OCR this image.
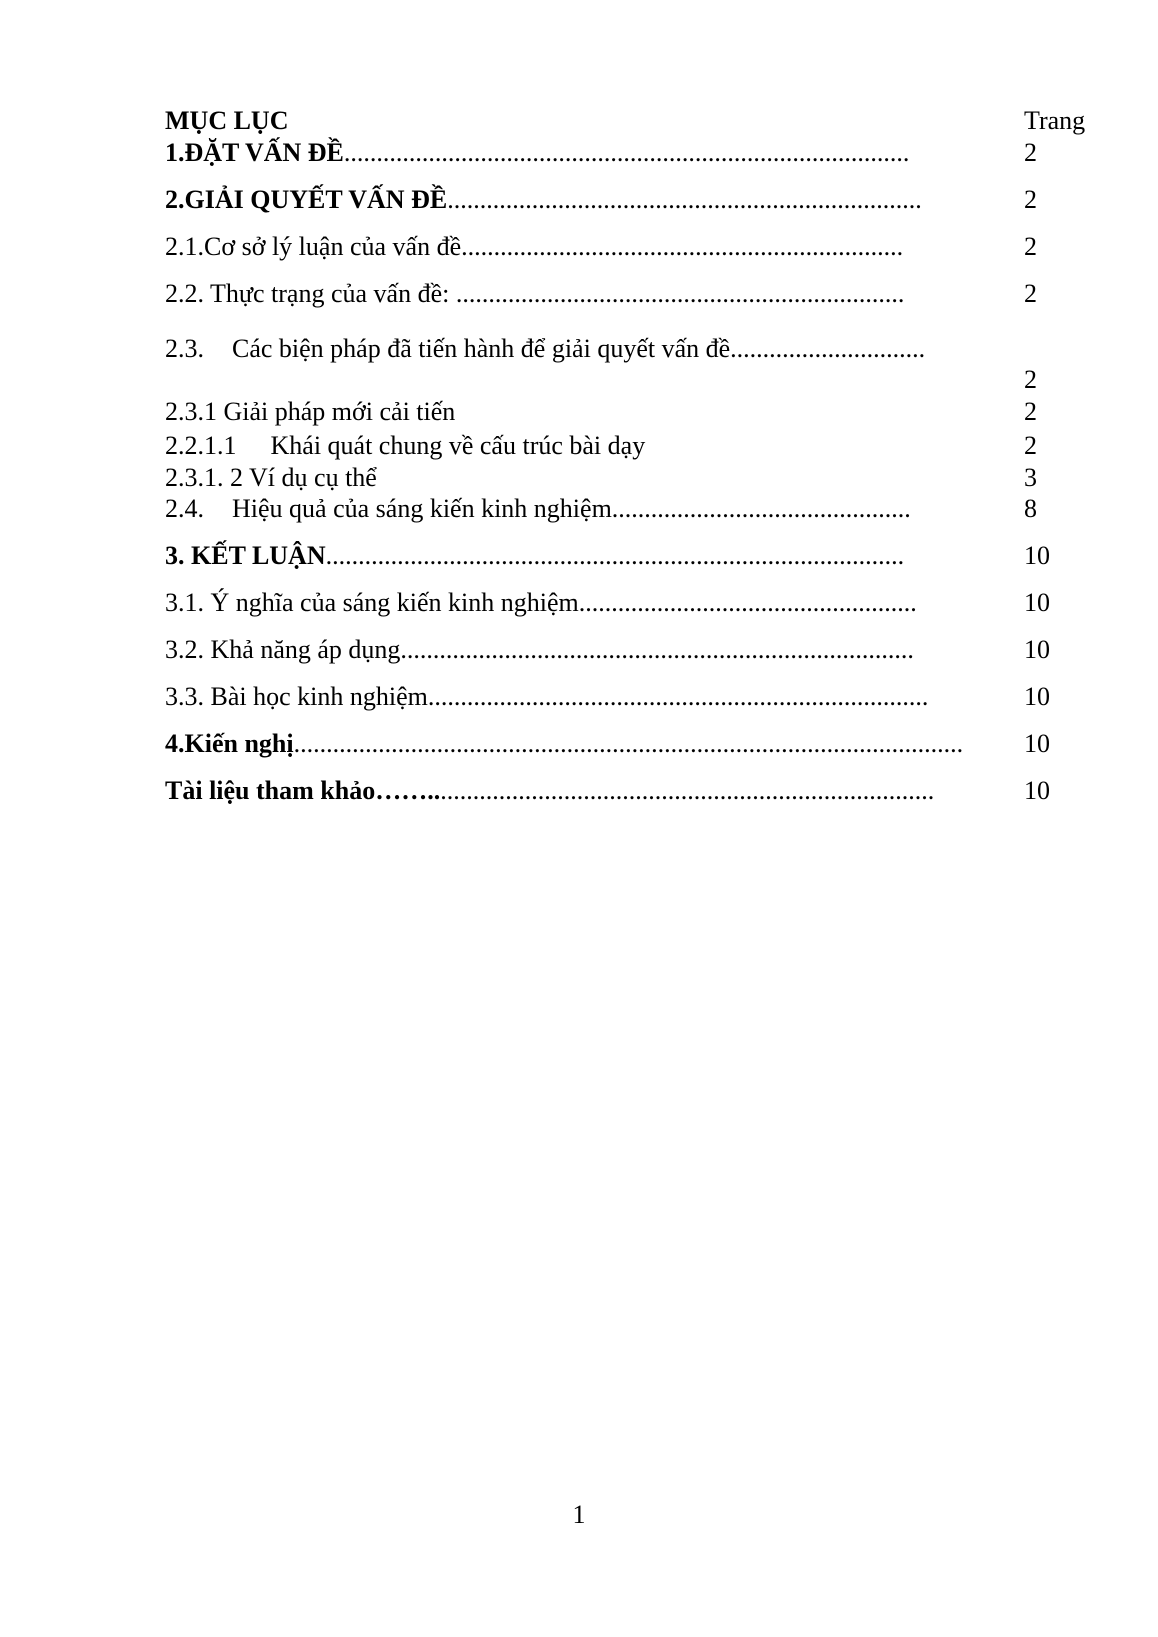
MỤC LỤC	Trang
1.ĐẶT VẤN ĐỀ.......................................................................................	2
2.GIẢI QUYẾT VẤN ĐỀ.........................................................................	2
2.1.Cơ sở lý luận của vấn đề....................................................................	2
2.2. Thực trạng của vấn đề: .....................................................................	2
2.3. Các biện pháp đã tiến hành để giải quyết vấn đề..............................
2
2.3.1 Giải pháp mới cải tiến	2
2.2.1.1 Khái quát chung về cấu trúc bài dạy	2
2.3.1. 2 Ví dụ cụ thể	3
2.4. Hiệu quả của sáng kiến kinh nghiệm..............................................	8
3. KẾT LUẬN.........................................................................................	10
3.1. Ý nghĩa của sáng kiến kinh nghiệm....................................................	10
3.2. Khả năng áp dụng...............................................................................	10
3.3. Bài học kinh nghiệm.............................................................................	10
4.Kiến nghị....................................................................................................... 10
Tài liệu tham khảo……..............................................................................	10
1
